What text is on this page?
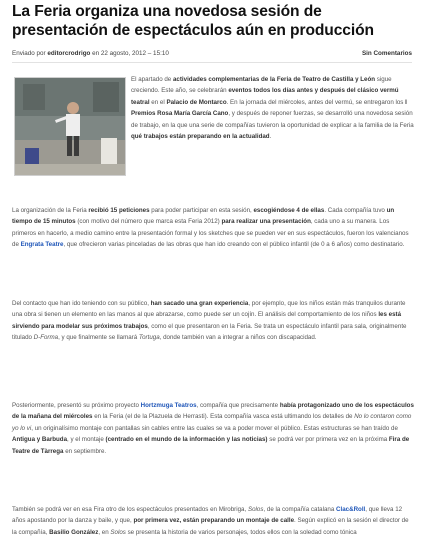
La Feria organiza una novedosa sesión de presentación de espectáculos aún en producción
Enviado por editorcrodrigo en 22 agosto, 2012 – 15:10	Sin Comentarios

El apartado de actividades complementarias de la Feria de Teatro de Castilla y León sigue creciendo. Este año, se celebrarán eventos todos los días antes y después del clásico vermú teatral en el Palacio de Montarco. En la jornada del miércoles, antes del vermú, se entregaron los I Premios Rosa María García Cano, y después de reponer fuerzas, se desarrolló una novedosa sesión de trabajo, en la que una serie de compañías tuvieron la oportunidad de explicar a la familia de la Feria qué trabajos están preparando en la actualidad.

La organización de la Feria recibió 15 peticiones para poder participar en esta sesión, escogiéndose 4 de ellas. Cada compañía tuvo un tiempo de 15 minutos (con motivo del número que marca esta Feria 2012) para realizar una presentación, cada uno a su manera. Los primeros en hacerlo, a medio camino entre la presentación formal y los sketches que se pueden ver en sus espectáculos, fueron los valencianos de Engrata Teatre, que ofrecieron varias pinceladas de las obras que han ido creando con el público infantil (de 0 a 6 años) como destinatario.

Del contacto que han ido teniendo con su público, han sacado una gran experiencia, por ejemplo, que los niños están más tranquilos durante una obra si tienen un elemento en las manos al que abrazarse, como puede ser un cojín. El análisis del comportamiento de los niños les está sirviendo para modelar sus próximos trabajos, como el que presentaron en la Feria. Se trata un espectáculo infantil para sala, originalmente titulado D-Forma, y que finalmente se llamará Tortuga, donde también van a integrar a niños con discapacidad.

Posteriormente, presentó su próximo proyecto Hortzmuga Teatros, compañía que precisamente había protagonizado uno de los espectáculos de la mañana del miércoles en la Feria (el de la Plazuela de Herrasti). Esta compañía vasca está ultimando los detalles de No lo contaron como yo lo vi, un originalísimo montaje con pantallas sin cables entre las cuales se va a poder mover el público. Estas estructuras se han traído de Antigua y Barbuda, y el montaje (centrado en el mundo de la información y las noticias) se podrá ver por primera vez en la próxima Fira de Teatre de Tàrrega en septiembre.

También se podrá ver en esa Fira otro de los espectáculos presentados en Mirobriga, Solos, de la compañía catalana Clac&Roll, que lleva 12 años apostando por la danza y baile, y que, por primera vez, están preparando un montaje de calle. Según explicó en la sesión el director de la compañía, Basilio González, en Solos se presenta la historia de varios personajes, todos ellos con la soledad como tónica
